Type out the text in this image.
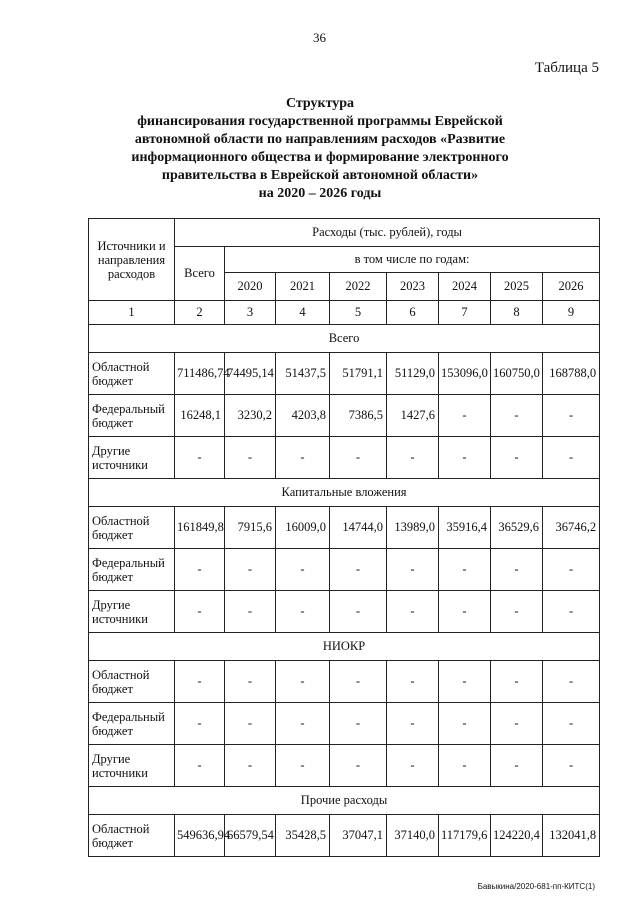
36
Таблица 5
Структура
финансирования государственной программы Еврейской
автономной области по направлениям расходов «Развитие
информационного общества и формирование электронного
правительства в Еврейской автономной области»
на 2020 – 2026 годы
Источники и направления расходов	Расходы (тыс. рублей), годы							
	Всего	в том числе по годам:						
		2020	2021	2022	2023	2024	2025	2026
1	2	3	4	5	6	7	8	9
Всего								
Областной бюджет	711486,74	74495,14	51437,5	51791,1	51129,0	153096,0	160750,0	168788,0
Федеральный бюджет	16248,1	3230,2	4203,8	7386,5	1427,6	-	-	-
Другие источники	-	-	-	-	-	-	-	-
Капитальные вложения								
Областной бюджет	161849,8	7915,6	16009,0	14744,0	13989,0	35916,4	36529,6	36746,2
Федеральный бюджет	-	-	-	-	-	-	-	-
Другие источники	-	-	-	-	-	-	-	-
НИОКР								
Областной бюджет	-	-	-	-	-	-	-	-
Федеральный бюджет	-	-	-	-	-	-	-	-
Другие источники	-	-	-	-	-	-	-	-
Прочие расходы								
Областной бюджет	549636,94	66579,54	35428,5	37047,1	37140,0	117179,6	124220,4	132041,8
Бавыкина/2020-681-пп-КИТС(1)
